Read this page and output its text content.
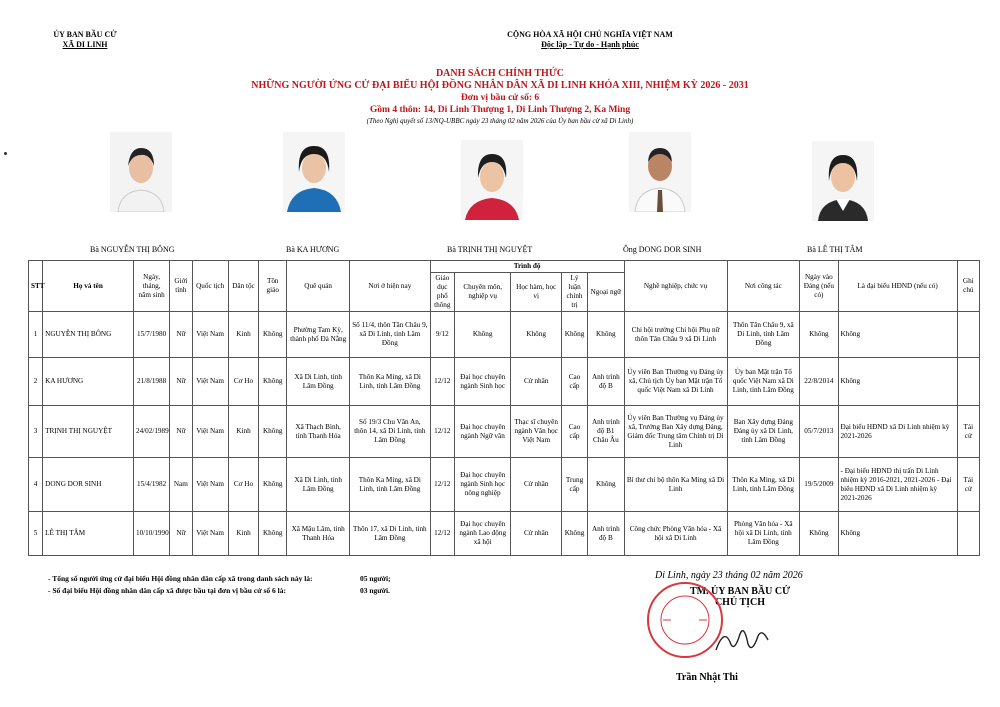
ỦY BAN BẦU CỬ
XÃ DI LINH
CỘNG HÒA XÃ HỘI CHỦ NGHĨA VIỆT NAM
Độc lập - Tự do - Hạnh phúc
DANH SÁCH CHÍNH THỨC
NHỮNG NGƯỜI ỨNG CỬ ĐẠI BIỂU HỘI ĐỒNG NHÂN DÂN XÃ DI LINH KHÓA XIII, NHIỆM KỲ 2026 - 2031
Đơn vị bầu cử số: 6
Gồm 4 thôn: 14, Di Linh Thượng 1, Di Linh Thượng 2, Ka Ming
(Theo Nghị quyết số 13/NQ-UBBC ngày 23 tháng 02 năm 2026 của Ủy ban bầu cử xã Di Linh)
Bà NGUYỄN THỊ BÔNG	Bà KA HƯƠNG	Bà TRỊNH THỊ NGUYỆT	Ông DONG DOR SINH	Bà LÊ THỊ TÂM
STT	Họ và tên	Ngày, tháng, năm sinh	Giới tính	Quốc tịch	Dân tộc	Tôn giáo	Quê quán	Nơi ở hiện nay	Trình độ					Nghề nghiệp, chức vụ	Nơi công tác	Ngày vào Đảng (nếu có)	Là đại biểu HĐND (nếu có)	Ghi chú
									Giáo dục phổ thông	Chuyên môn, nghiệp vụ	Học hàm, học vị	Lý luận chính trị	Ngoại ngữ					
1	NGUYỄN THỊ BÔNG	15/7/1980	Nữ	Việt Nam	Kinh	Không	Phường Tam Kỳ, thành phố Đà Nẵng	Số 11/4, thôn Tân Châu 9, xã Di Linh, tỉnh Lâm Đồng	9/12	Không	Không	Không	Không	Chi hội trưởng Chi hội Phụ nữ thôn Tân Châu 9 xã Di Linh	Thôn Tân Châu 9, xã Di Linh, tỉnh Lâm Đồng	Không	Không	
2	KA HƯƠNG	21/8/1988	Nữ	Việt Nam	Cơ Ho	Không	Xã Di Linh, tỉnh Lâm Đồng	Thôn Ka Ming, xã Di Linh, tỉnh Lâm Đồng	12/12	Đại học chuyên ngành Sinh học	Cử nhân	Cao cấp	Anh trình độ B	Ủy viên Ban Thường vụ Đảng ủy xã, Chủ tịch Ủy ban Mặt trận Tổ quốc Việt Nam xã Di Linh	Ủy ban Mặt trận Tổ quốc Việt Nam xã Di Linh, tỉnh Lâm Đồng	22/8/2014	Không	
3	TRỊNH THỊ NGUYỆT	24/02/1989	Nữ	Việt Nam	Kinh	Không	Xã Thạch Bình, tỉnh Thanh Hóa	Số 19/3 Chu Văn An, thôn 14, xã Di Linh, tỉnh Lâm Đồng	12/12	Đại học chuyên ngành Ngữ văn	Thạc sĩ chuyên ngành Văn học Việt Nam	Cao cấp	Anh trình độ B1 Châu Âu	Ủy viên Ban Thường vụ Đảng ủy xã, Trưởng Ban Xây dựng Đảng, Giám đốc Trung tâm Chính trị Di Linh	Ban Xây dựng Đảng Đảng ủy xã Di Linh, tỉnh Lâm Đồng	05/7/2013	Đại biểu HĐND xã Di Linh nhiệm kỳ 2021-2026	Tái cử
4	DONG DOR SINH	15/4/1982	Nam	Việt Nam	Cơ Ho	Không	Xã Di Linh, tỉnh Lâm Đồng	Thôn Ka Ming, xã Di Linh, tỉnh Lâm Đồng	12/12	Đại học chuyên ngành Sinh học nông nghiệp	Cử nhân	Trung cấp	Không	Bí thư chi bộ thôn Ka Ming xã Di Linh	Thôn Ka Ming, xã Di Linh, tỉnh Lâm Đồng	19/5/2009	- Đại biểu HĐND thị trấn Di Linh nhiệm kỳ 2016-2021, 2021-2026 - Đại biểu HĐND xã Di Linh nhiệm kỳ 2021-2026	Tái cử
5	LÊ THỊ TÂM	10/10/1990	Nữ	Việt Nam	Kinh	Không	Xã Mậu Lâm, tỉnh Thanh Hóa	Thôn 17, xã Di Linh, tỉnh Lâm Đồng	12/12	Đại học chuyên ngành Lao động xã hội	Cử nhân	Không	Anh trình độ B	Công chức Phòng Văn hóa - Xã hội xã Di Linh	Phòng Văn hóa - Xã hội xã Di Linh, tỉnh Lâm Đồng	Không	Không	
- Tổng số người ứng cử đại biểu Hội đồng nhân dân cấp xã trong danh sách này là:	05 người;
- Số đại biểu Hội đồng nhân dân cấp xã được bầu tại đơn vị bầu cử số 6 là:	03 người.
Di Linh, ngày 23 tháng 02 năm 2026
TM. ỦY BAN BẦU CỬ
CHỦ TỊCH
Trần Nhật Thi
